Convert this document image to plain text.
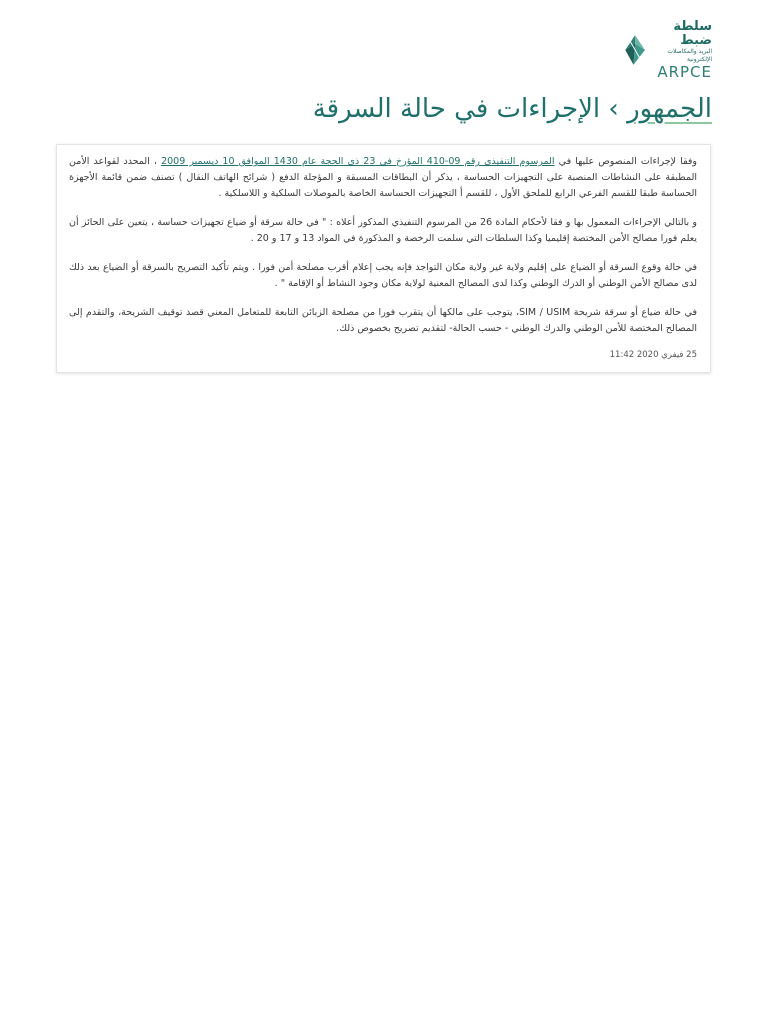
سلطة ضبط
البريد والمكاصلات الإلكترونية
ARPCE
الجمهور › الإجراءات في حالة السرقة

وفقا لإجراءات المنصوص عليها في المرسوم التنفيذي رقم 09-410 المؤرخ في 23 ذي الحجة عام 1430 الموافق 10 ديسمبر 2009 ، المحدد لقواعد الأمن المطبقة على النشاطات المنصبة على التجهيزات الحساسة ، يذكر أن البطاقات المسبقة و المؤجلة الدفع ( شرائح الهاتف النقال ) تصنف ضمن قائمة الأجهزة الحساسة طبقا للقسم الفرعي الرابع للملحق الأول ، للقسم أ التجهيزات الحساسة الخاصة بالموصلات السلكية و اللاسلكية .

و بالتالي الإجراءات المعمول بها و فقا لأحكام المادة 26 من المرسوم التنفيذي المذكور أعلاه : " في حالة سرقة أو ضياع تجهيزات حساسة ، يتعين على الحائز أن يعلم فورا مصالح الأمن المختصة إقليميا وكذا السلطات التي سلمت الرخصة و المذكورة في المواد 13 و 17 و 20 .

في حالة وقوع السرقة أو الضياع على إقليم ولاية غير ولاية مكان التواجد فإنه يجب إعلام أقرب مصلحة أمن فورا . ويتم تأكيد التصريح بالسرقة أو الضياع بعد ذلك لدى مصالح الأمن الوطني أو الدرك الوطني وكذا لدى المصالح المعنية لولاية مكان وجود النشاط أو الإقامة " .

في حالة ضياع أو سرقة شريحة SIM / USIM، يتوجب على مالكها أن يتقرب فورا من مصلحة الزبائن التابعة للمتعامل المعني قصد توقيف الشريحة، والتقدم إلى المصالح المختصة للأمن الوطني والدرك الوطني - حسب الحالة- لتقديم تصريح بخصوص ذلك.

25 فيفري 2020 11:42
